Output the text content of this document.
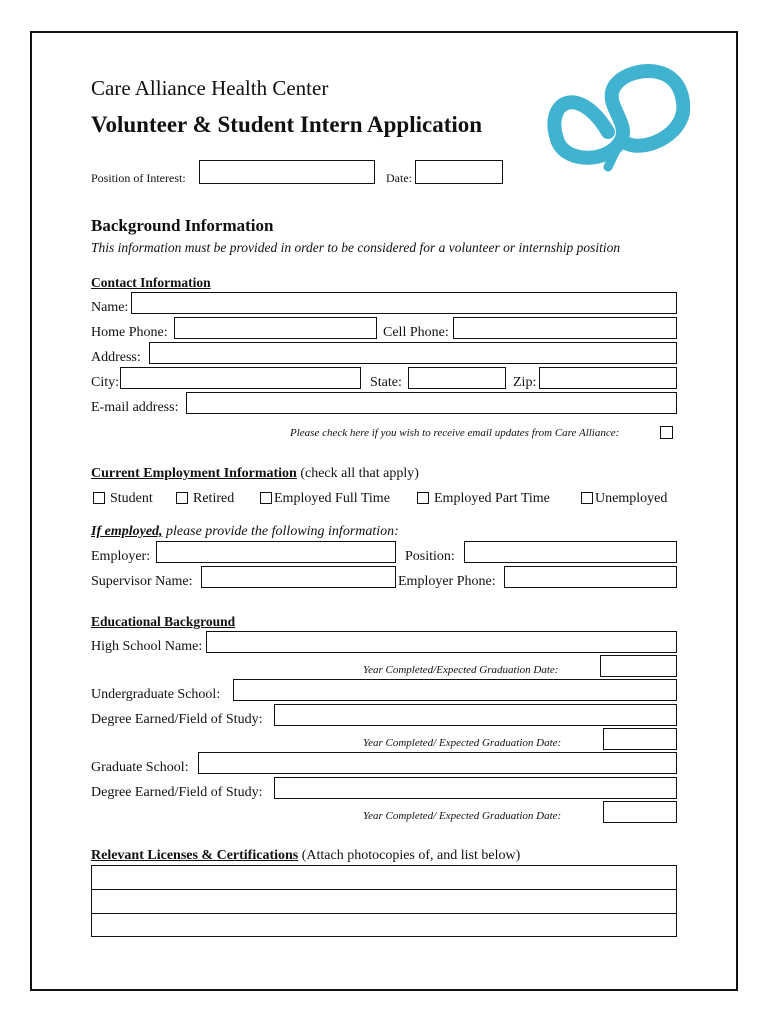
Care Alliance Health Center
Volunteer & Student Intern Application
Position of Interest:	Date:
Background Information
This information must be provided in order to be considered for a volunteer or internship position
Contact Information
Name:
Home Phone:	Cell Phone:
Address:
City:	State:	Zip:
E-mail address:
Please check here if you wish to receive email updates from Care Alliance:
Current Employment Information (check all that apply)
Student	Retired	Employed Full Time	Employed Part Time	Unemployed
If employed, please provide the following information:
Employer:	Position:
Supervisor Name:	Employer Phone:
Educational Background
High School Name:
Year Completed/Expected Graduation Date:
Undergraduate School:
Degree Earned/Field of Study:
Year Completed/ Expected Graduation Date:
Graduate School:
Degree Earned/Field of Study:
Year Completed/ Expected Graduation Date:
Relevant Licenses & Certifications (Attach photocopies of, and list below)
